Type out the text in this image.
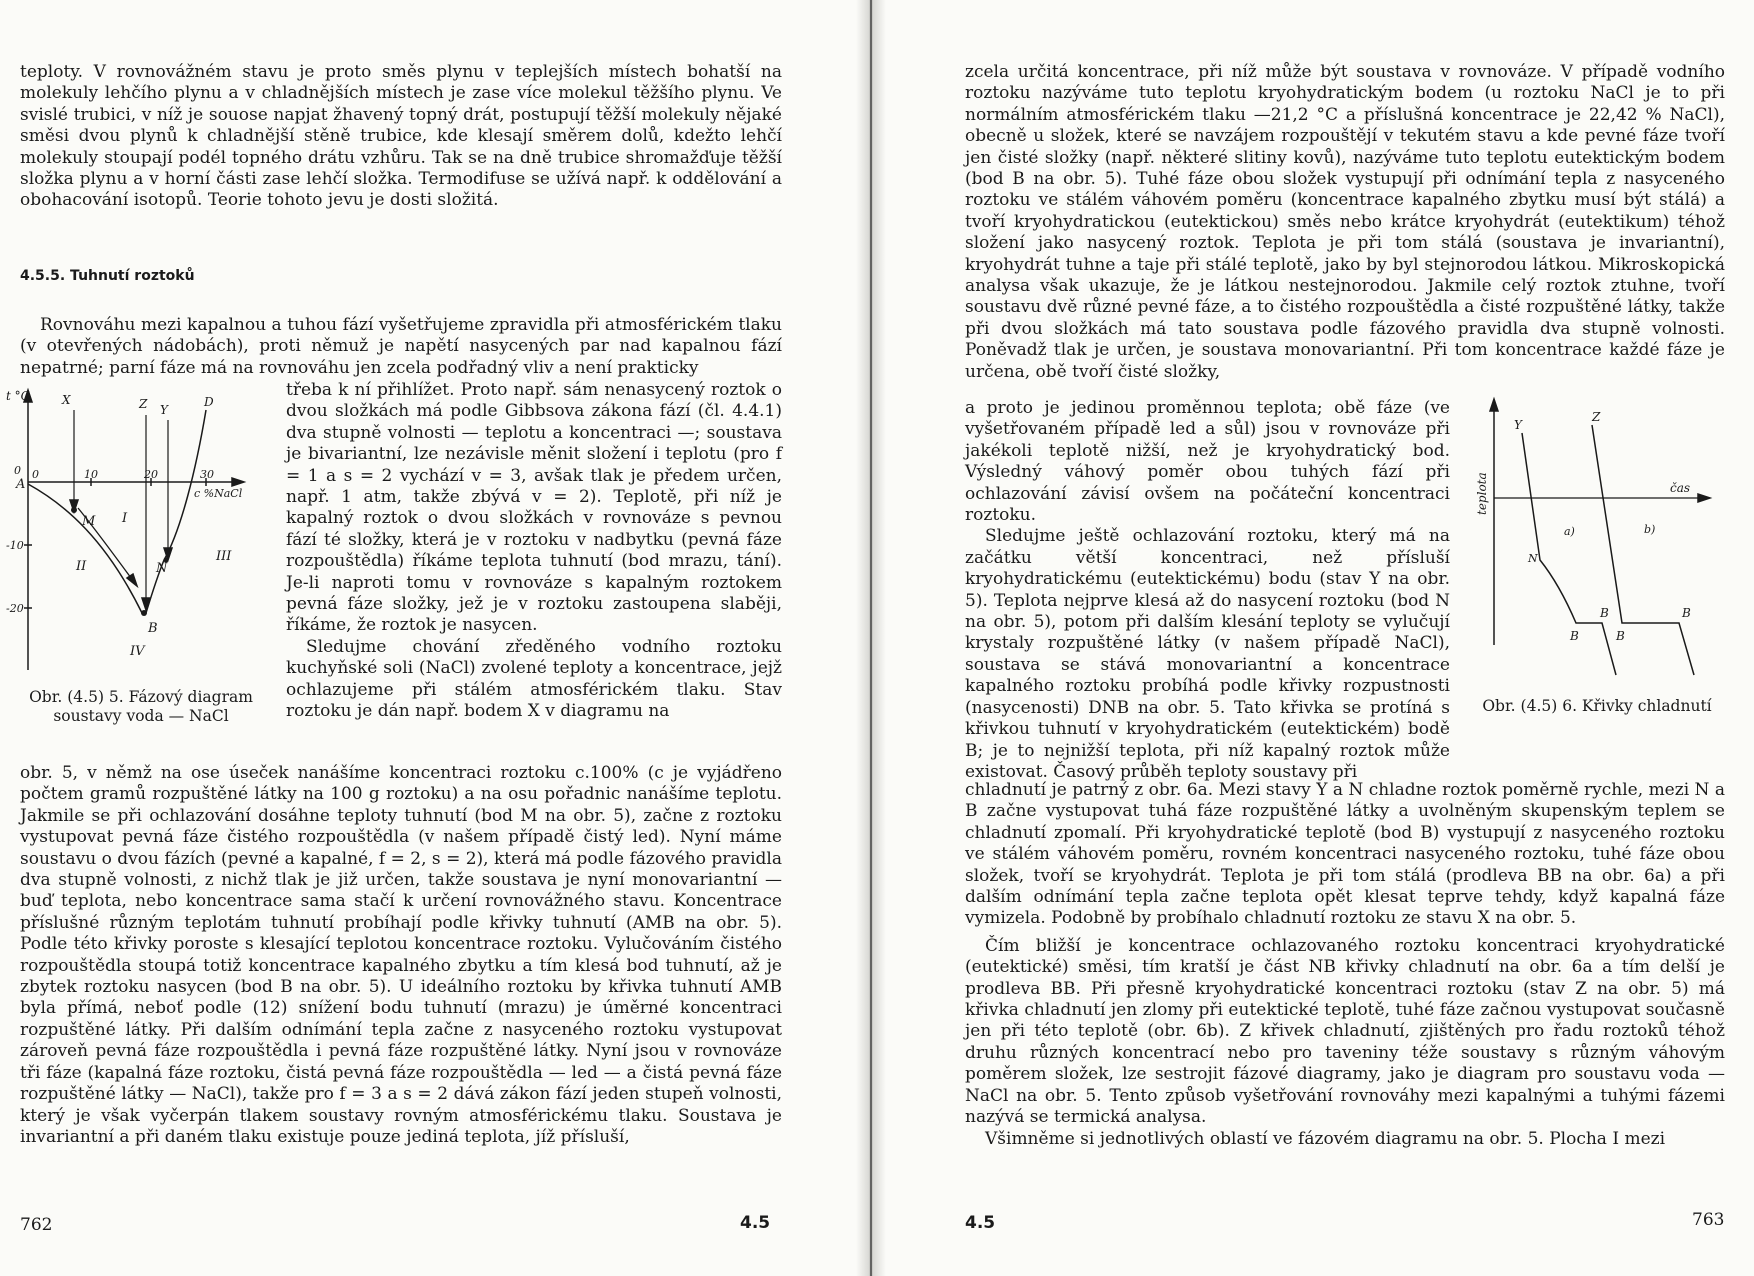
teploty. V rovnovážném stavu je proto směs plynu v teplejších místech bohatší na molekuly lehčího plynu a v chladnějších místech je zase více molekul těžšího plynu. Ve svislé trubici, v níž je souose napjat žhavený topný drát, postupují těžší molekuly nějaké směsi dvou plynů k chladnější stěně trubice, kde klesají směrem dolů, kdežto lehčí molekuly stoupají podél topného drátu vzhůru. Tak se na dně trubice shromažďuje těžší složka plynu a v horní části zase lehčí složka. Termodifuse se užívá např. k oddělování a obohacování isotopů. Teorie tohoto jevu je dosti složitá.

4.5.5. Tuhnutí roztoků

Rovnováhu mezi kapalnou a tuhou fází vyšetřujeme zpravidla při atmosférickém tlaku (v otevřených nádobách), proti němuž je napětí nasycených par nad kapalnou fází nepatrné; parní fáze má na rovnováhu jen zcela podřadný vliv a není prakticky

t °C
c %NaCl
A
M
N
B
X
Y
Z	D
0	10	20	30
0
-10
-20
I
II
III
IV
Obr. (4.5) 5. Fázový diagram soustavy voda — NaCl

třeba k ní přihlížet. Proto např. sám nenasycený roztok o dvou složkách má podle Gibbsova zákona fází (čl. 4.4.1) dva stupně volnosti — teplotu a koncentraci —; soustava je bivariantní, lze nezávisle měnit složení i teplotu (pro f = 1 a s = 2 vychází v = 3, avšak tlak je předem určen, např. 1 atm, takže zbývá v = 2). Teplotě, při níž je kapalný roztok o dvou složkách v rovnováze s pevnou fází té složky, která je v roztoku v nadbytku (pevná fáze rozpouštědla) říkáme teplota tuhnutí (bod mrazu, tání). Je-li naproti tomu v rovnováze s kapalným roztokem pevná fáze složky, jež je v roztoku zastoupena slaběji, říkáme, že roztok je nasycen.

Sledujme chování zředěného vodního roztoku kuchyňské soli (NaCl) zvolené teploty a koncentrace, jejž ochlazujeme při stálém atmosférickém tlaku. Stav roztoku je dán např. bodem X v diagramu na

obr. 5, v němž na ose úseček nanášíme koncentraci roztoku c.100% (c je vyjádřeno počtem gramů rozpuštěné látky na 100 g roztoku) a na osu pořadnic nanášíme teplotu. Jakmile se při ochlazování dosáhne teploty tuhnutí (bod M na obr. 5), začne z roztoku vystupovat pevná fáze čistého rozpouštědla (v našem případě čistý led). Nyní máme soustavu o dvou fázích (pevné a kapalné, f = 2, s = 2), která má podle fázového pravidla dva stupně volnosti, z nichž tlak je již určen, takže soustava je nyní monovariantní — buď teplota, nebo koncentrace sama stačí k určení rovnovážného stavu. Koncentrace příslušné různým teplotám tuhnutí probíhají podle křivky tuhnutí (AMB na obr. 5). Podle této křivky poroste s klesající teplotou koncentrace roztoku. Vylučováním čistého rozpouštědla stoupá totiž koncentrace kapalného zbytku a tím klesá bod tuhnutí, až je zbytek roztoku nasycen (bod B na obr. 5). U ideálního roztoku by křivka tuhnutí AMB byla přímá, neboť podle (12) snížení bodu tuhnutí (mrazu) je úměrné koncentraci rozpuštěné látky. Při dalším odnímání tepla začne z nasyceného roztoku vystupovat zároveň pevná fáze rozpouštědla i pevná fáze rozpuštěné látky. Nyní jsou v rovnováze tři fáze (kapalná fáze roztoku, čistá pevná fáze rozpouštědla — led — a čistá pevná fáze rozpuštěné látky — NaCl), takže pro f = 3 a s = 2 dává zákon fází jeden stupeň volnosti, který je však vyčerpán tlakem soustavy rovným atmosférickému tlaku. Soustava je invariantní a při daném tlaku existuje pouze jediná teplota, jíž přísluší,

762	4.5

zcela určitá koncentrace, při níž může být soustava v rovnováze. V případě vodního roztoku nazýváme tuto teplotu kryohydratickým bodem (u roztoku NaCl je to při normálním atmosférickém tlaku —21,2 °C a příslušná koncentrace je 22,42 % NaCl), obecně u složek, které se navzájem rozpouštějí v tekutém stavu a kde pevné fáze tvoří jen čisté složky (např. některé slitiny kovů), nazýváme tuto teplotu eutektickým bodem (bod B na obr. 5). Tuhé fáze obou složek vystupují při odnímání tepla z nasyceného roztoku ve stálém váhovém poměru (koncentrace kapalného zbytku musí být stálá) a tvoří kryohydratickou (eutektickou) směs nebo krátce kryohydrát (eutektikum) téhož složení jako nasycený roztok. Teplota je při tom stálá (soustava je invariantní), kryohydrát tuhne a taje při stálé teplotě, jako by byl stejnorodou látkou. Mikroskopická analysa však ukazuje, že je látkou nestejnorodou. Jakmile celý roztok ztuhne, tvoří soustavu dvě různé pevné fáze, a to čistého rozpouštědla a čisté rozpuštěné látky, takže při dvou složkách má tato soustava podle fázového pravidla dva stupně volnosti. Poněvadž tlak je určen, je soustava monovariantní. Při tom koncentrace každé fáze je určena, obě tvoří čisté složky,

a proto je jedinou proměnnou teplota; obě fáze (ve vyšetřovaném případě led a sůl) jsou v rovnováze při jakékoli teplotě nižší, než je kryohydratický bod. Výsledný váhový poměr obou tuhých fází při ochlazování závisí ovšem na počáteční koncentraci roztoku.

Sledujme ještě ochlazování roztoku, který má na začátku větší koncentraci, než přísluší kryohydratickému (eutektickému) bodu (stav Y na obr. 5). Teplota nejprve klesá až do nasycení roztoku (bod N na obr. 5), potom při dalším klesání teploty se vylučují krystaly rozpuštěné látky (v našem případě NaCl), soustava se stává monovariantní a koncentrace kapalného roztoku probíhá podle křivky rozpustnosti (nasycenosti) DNB na obr. 5. Tato křivka se protíná s křivkou tuhnutí v kryohydratickém (eutektickém) bodě B; je to nejnižší teplota, při níž kapalný roztok může existovat. Časový průběh teploty soustavy při

teplota	čas
Y
Z
N
B
B
B
B
a)	b)
Obr. (4.5) 6. Křivky chladnutí

chladnutí je patrný z obr. 6a. Mezi stavy Y a N chladne roztok poměrně rychle, mezi N a B začne vystupovat tuhá fáze rozpuštěné látky a uvolněným skupenským teplem se chladnutí zpomalí. Při kryohydratické teplotě (bod B) vystupují z nasyceného roztoku ve stálém váhovém poměru, rovném koncentraci nasyceného roztoku, tuhé fáze obou složek, tvoří se kryohydrát. Teplota je při tom stálá (prodleva BB na obr. 6a) a při dalším odnímání tepla začne teplota opět klesat teprve tehdy, když kapalná fáze vymizela. Podobně by probíhalo chladnutí roztoku ze stavu X na obr. 5.

Čím bližší je koncentrace ochlazovaného roztoku koncentraci kryohydratické (eutektické) směsi, tím kratší je část NB křivky chladnutí na obr. 6a a tím delší je prodleva BB. Při přesně kryohydratické koncentraci roztoku (stav Z na obr. 5) má křivka chladnutí jen zlomy při eutektické teplotě, tuhé fáze začnou vystupovat současně jen při této teplotě (obr. 6b). Z křivek chladnutí, zjištěných pro řadu roztoků téhož druhu různých koncentrací nebo pro taveniny téže soustavy s různým váhovým poměrem složek, lze sestrojit fázové diagramy, jako je diagram pro soustavu voda — NaCl na obr. 5. Tento způsob vyšetřování rovnováhy mezi kapalnými a tuhými fázemi nazývá se termická analysa.

Všimněme si jednotlivých oblastí ve fázovém diagramu na obr. 5. Plocha I mezi

4.5	763
